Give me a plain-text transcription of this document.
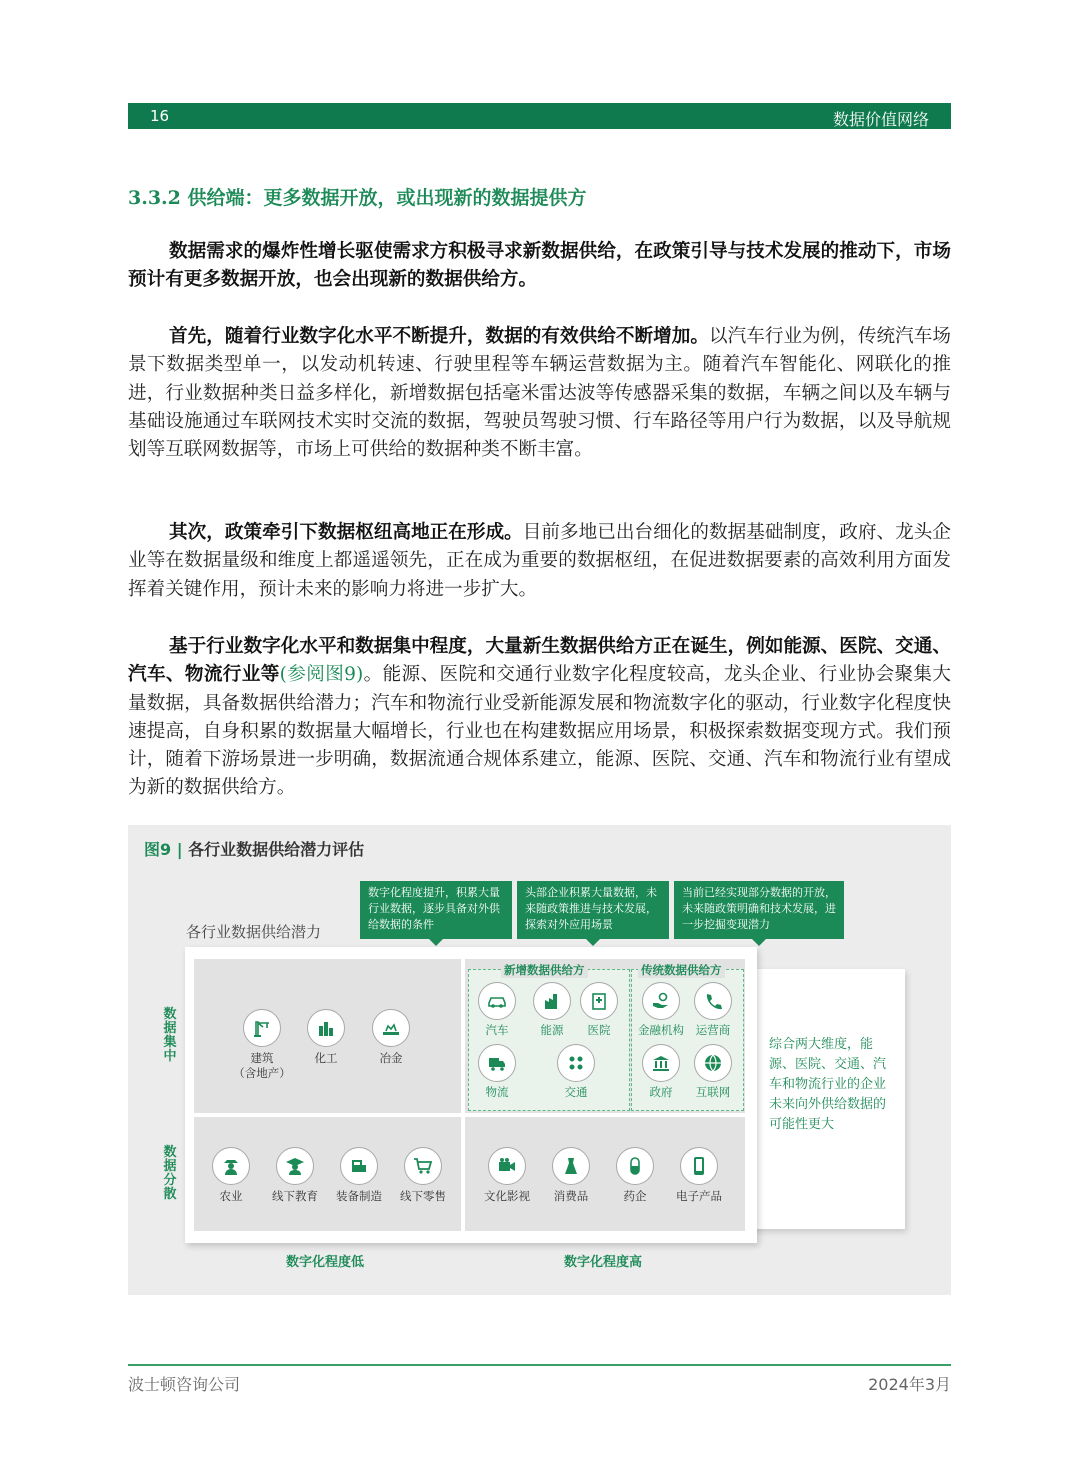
16	数据价值网络
3.3.2 供给端：更多数据开放，或出现新的数据提供方
数据需求的爆炸性增长驱使需求方积极寻求新数据供给，在政策引导与技术发展的推动下，市场预计有更多数据开放，也会出现新的数据供给方。
首先，随着行业数字化水平不断提升，数据的有效供给不断增加。以汽车行业为例，传统汽车场景下数据类型单一，以发动机转速、行驶里程等车辆运营数据为主。随着汽车智能化、网联化的推进，行业数据种类日益多样化，新增数据包括毫米雷达波等传感器采集的数据，车辆之间以及车辆与基础设施通过车联网技术实时交流的数据，驾驶员驾驶习惯、行车路径等用户行为数据，以及导航规划等互联网数据等，市场上可供给的数据种类不断丰富。
其次，政策牵引下数据枢纽高地正在形成。目前多地已出台细化的数据基础制度，政府、龙头企业等在数据量级和维度上都遥遥领先，正在成为重要的数据枢纽，在促进数据要素的高效利用方面发挥着关键作用，预计未来的影响力将进一步扩大。
基于行业数字化水平和数据集中程度，大量新生数据供给方正在诞生，例如能源、医院、交通、汽车、物流行业等(参阅图9)。能源、医院和交通行业数字化程度较高，龙头企业、行业协会聚集大量数据，具备数据供给潜力；汽车和物流行业受新能源发展和物流数字化的驱动，行业数字化程度快速提高，自身积累的数据量大幅增长，行业也在构建数据应用场景，积极探索数据变现方式。我们预计，随着下游场景进一步明确，数据流通合规体系建立，能源、医院、交通、汽车和物流行业有望成为新的数据供给方。
图9 | 各行业数据供给潜力评估
数字化程度提升，积累大量行业数据，逐步具备对外供给数据的条件
头部企业积累大量数据，未来随政策推进与技术发展，探索对外应用场景
当前已经实现部分数据的开放，未来随政策明确和技术发展，进一步挖掘变现潜力
各行业数据供给潜力
综合两大维度，能源、医院、交通、汽车和物流行业的企业未来向外供给数据的可能性更大
新增数据供给方	传统数据供给方
建筑
（含地产）
化工	冶金
汽车	能源	医院
物流	交通
金融机构	运营商
政府	互联网
农业	线下教育	装备制造	线下零售	文化影视	消费品	药企	电子产品
数
据
集
中
数
据
分
散
数字化程度低	数字化程度高
波士顿咨询公司	2024年3月
